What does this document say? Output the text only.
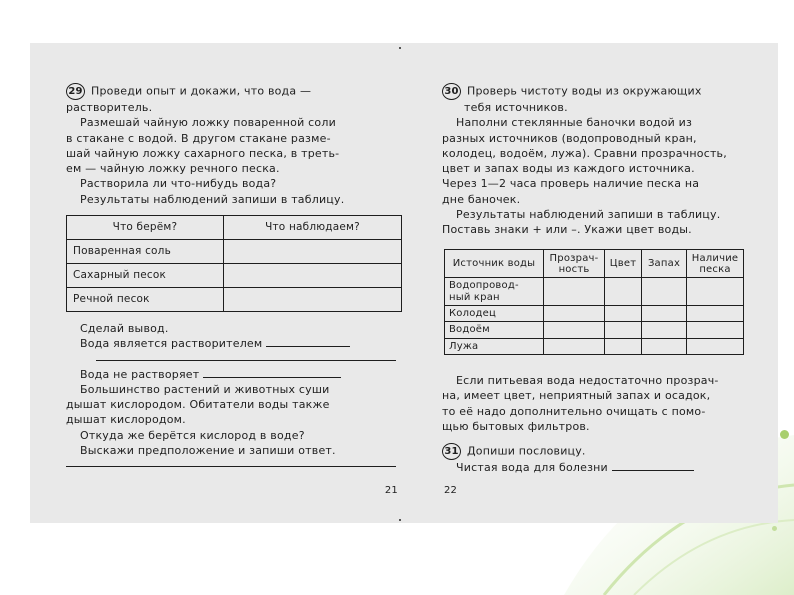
29 Проведи опыт и докажи, что вода —

растворитель.

Размешай чайную ложку поваренной соли

в стакане с водой. В другом стакане разме-

шай чайную ложку сахарного песка, в треть-

ем — чайную ложку речного песка.

Растворила ли что-нибудь вода?

Результаты наблюдений запиши в таблицу.

Что берём?	Что наблюдаем?
Поваренная соль	
Сахарный песок	
Речной песок	

Сделай вывод.

Вода является растворителем

Вода не растворяет

Большинство растений и животных суши

дышат кислородом. Обитатели воды также

дышат кислородом.

Откуда же берётся кислород в воде?

Выскажи предположение и запиши ответ.

21

30 Проверь чистоту воды из окружающих

тебя источников.

Наполни стеклянные баночки водой из

разных источников (водопроводный кран,

колодец, водоём, лужа). Сравни прозрачность,

цвет и запах воды из каждого источника.

Через 1—2 часа проверь наличие песка на

дне баночек.

Результаты наблюдений запиши в таблицу.

Поставь знаки + или –. Укажи цвет воды.

Источник воды	Прозрач-ность	Цвет	Запах	Наличие песка
Водопровод-ный кран				
Колодец				
Водоём				
Лужа				

Если питьевая вода недостаточно прозрач-

на, имеет цвет, неприятный запах и осадок,

то её надо дополнительно очищать с помо-

щью бытовых фильтров.

31 Допиши пословицу.

Чистая вода для болезни

22
